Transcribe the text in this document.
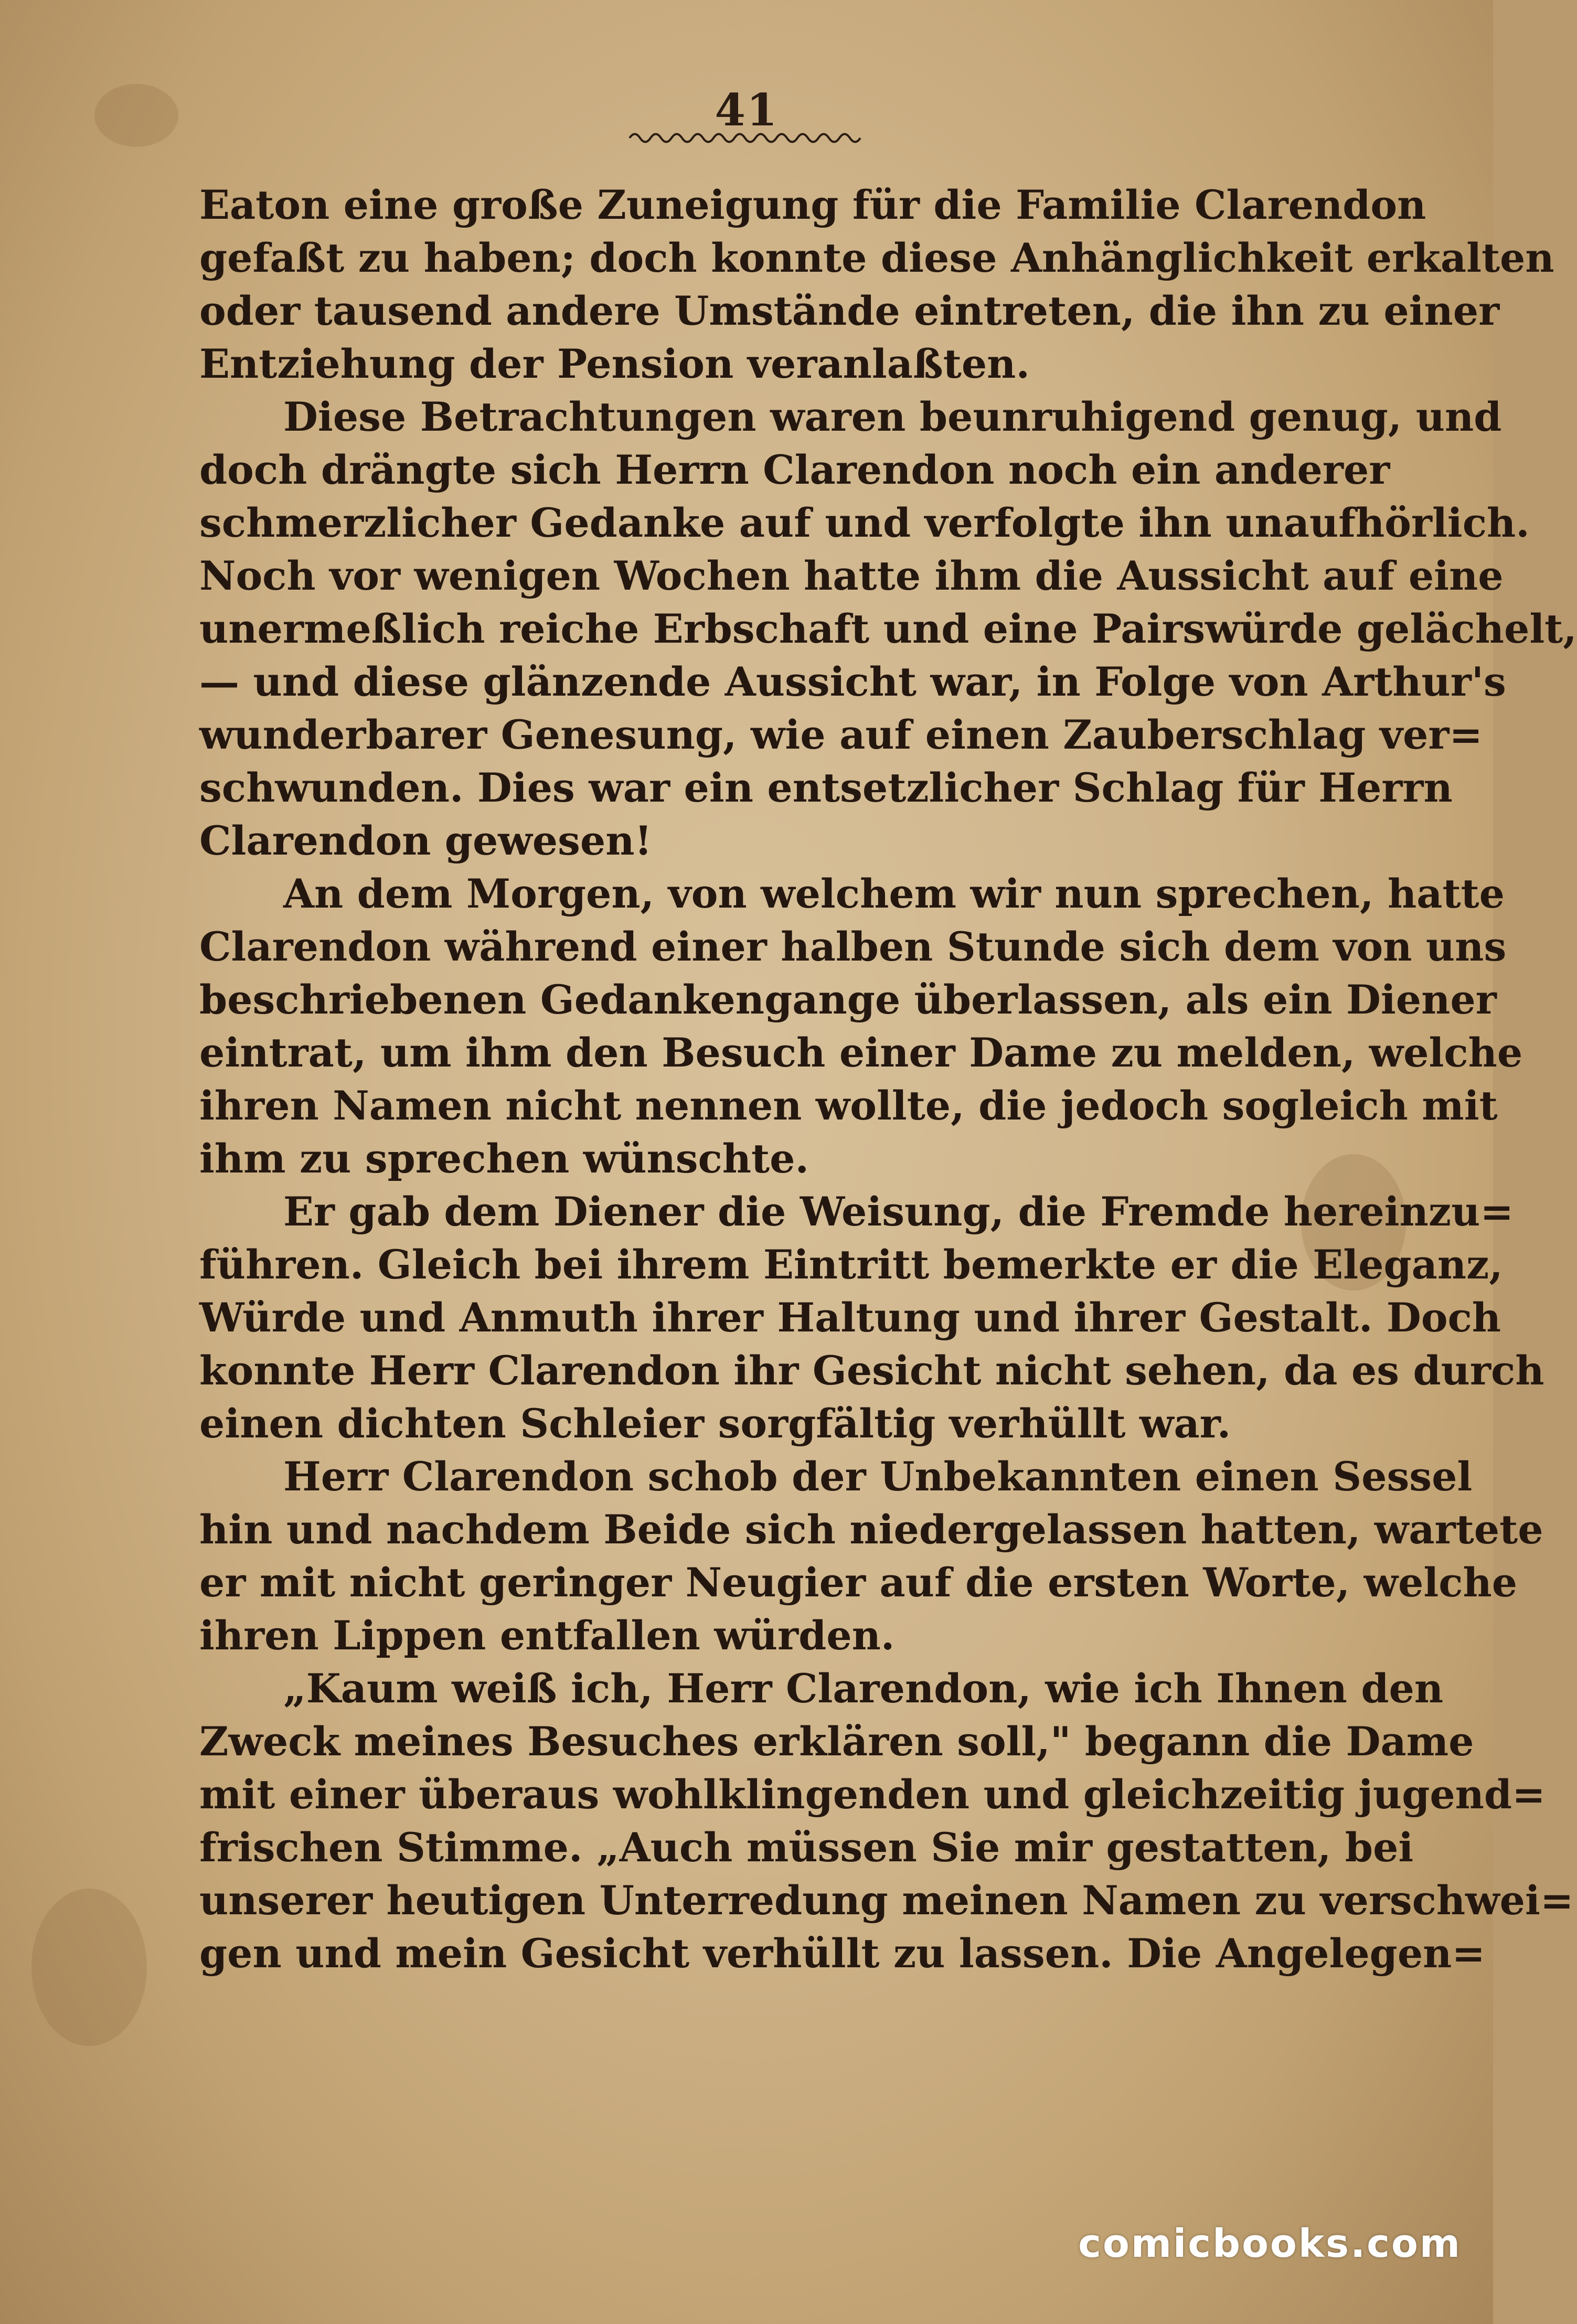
41
Eaton eine große Zuneigung für die Familie Clarendon
gefaßt zu haben; doch konnte diese Anhänglichkeit erkalten
oder tausend andere Umstände eintreten, die ihn zu einer
Entziehung der Pension veranlaßten.
Diese Betrachtungen waren beunruhigend genug, und
doch drängte sich Herrn Clarendon noch ein anderer
schmerzlicher Gedanke auf und verfolgte ihn unaufhörlich.
Noch vor wenigen Wochen hatte ihm die Aussicht auf eine
unermeßlich reiche Erbschaft und eine Pairswürde gelächelt,
— und diese glänzende Aussicht war, in Folge von Arthur's
wunderbarer Genesung, wie auf einen Zauberschlag ver=
schwunden. Dies war ein entsetzlicher Schlag für Herrn
Clarendon gewesen!
An dem Morgen, von welchem wir nun sprechen, hatte
Clarendon während einer halben Stunde sich dem von uns
beschriebenen Gedankengange überlassen, als ein Diener
eintrat, um ihm den Besuch einer Dame zu melden, welche
ihren Namen nicht nennen wollte, die jedoch sogleich mit
ihm zu sprechen wünschte.
Er gab dem Diener die Weisung, die Fremde hereinzu=
führen. Gleich bei ihrem Eintritt bemerkte er die Eleganz,
Würde und Anmuth ihrer Haltung und ihrer Gestalt. Doch
konnte Herr Clarendon ihr Gesicht nicht sehen, da es durch
einen dichten Schleier sorgfältig verhüllt war.
Herr Clarendon schob der Unbekannten einen Sessel
hin und nachdem Beide sich niedergelassen hatten, wartete
er mit nicht geringer Neugier auf die ersten Worte, welche
ihren Lippen entfallen würden.
„Kaum weiß ich, Herr Clarendon, wie ich Ihnen den
Zweck meines Besuches erklären soll," begann die Dame
mit einer überaus wohlklingenden und gleichzeitig jugend=
frischen Stimme. „Auch müssen Sie mir gestatten, bei
unserer heutigen Unterredung meinen Namen zu verschwei=
gen und mein Gesicht verhüllt zu lassen. Die Angelegen=
comicbooks.com
